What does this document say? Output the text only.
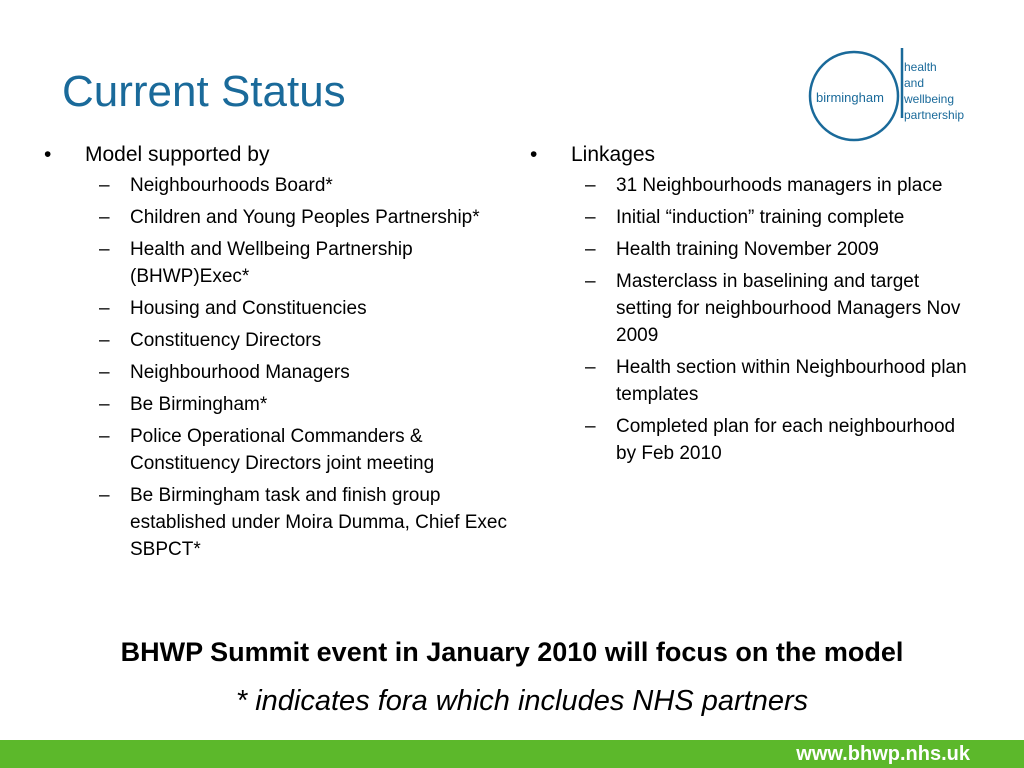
Current Status	birmingham
health
and
wellbeing
partnership
•	Model supported by
–	Neighbourhoods Board*
–	Children and Young Peoples Partnership*
–	Health and Wellbeing Partnership (BHWP)Exec*
–	Housing and Constituencies
–	Constituency Directors
–	Neighbourhood Managers
–	Be Birmingham*
–	Police Operational Commanders & Constituency Directors joint meeting
–	Be Birmingham task and finish group established under Moira Dumma, Chief Exec SBPCT*
•	Linkages
–	31 Neighbourhoods managers in place
–	Initial “induction” training complete
–	Health training November 2009
–	Masterclass in baselining and target setting for neighbourhood Managers Nov 2009
–	Health section within Neighbourhood plan templates
–	Completed plan for each neighbourhood by Feb 2010
BHWP Summit event in January 2010 will focus on the model
* indicates fora which includes NHS partners
www.bhwp.nhs.uk
